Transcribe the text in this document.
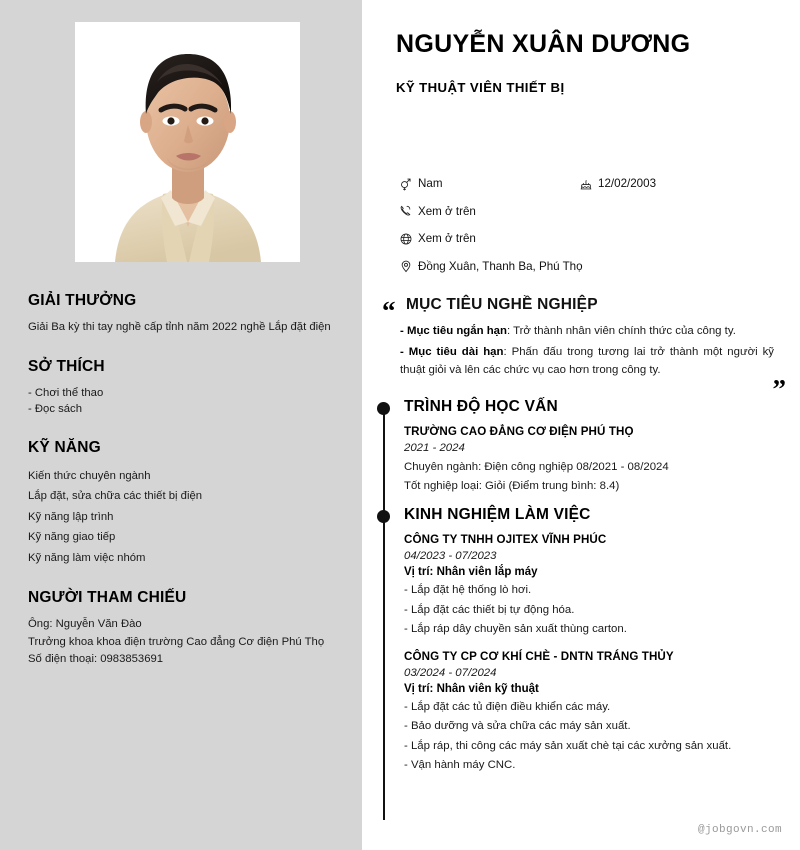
GIẢI THƯỞNG

Giải Ba kỳ thi tay nghề cấp tỉnh năm 2022 nghề Lắp đặt điện

SỞ THÍCH
- Chơi thể thao
- Đọc sách
KỸ NĂNG
Kiến thức chuyên ngành
Lắp đặt, sửa chữa các thiết bị điện
Kỹ năng lập trình
Kỹ năng giao tiếp
Kỹ năng làm việc nhóm
NGƯỜI THAM CHIẾU
Ông: Nguyễn Văn Đào
Trưởng khoa khoa điện trường Cao đẳng Cơ điện Phú Thọ
Số điện thoại: 0983853691
NGUYỄN XUÂN DƯƠNG
KỸ THUẬT VIÊN THIẾT BỊ
Nam	12/02/2003
Xem ở trên
Xem ở trên
Đồng Xuân, Thanh Ba, Phú Thọ
“
”
MỤC TIÊU NGHỀ NGHIỆP

- Mục tiêu ngắn hạn: Trở thành nhân viên chính thức của công ty.

- Mục tiêu dài hạn: Phấn đấu trong tương lai trở thành một người kỹ thuật giỏi và lên các chức vụ cao hơn trong công ty.

TRÌNH ĐỘ HỌC VẤN

TRƯỜNG CAO ĐẲNG CƠ ĐIỆN PHÚ THỌ

2021 - 2024

Chuyên ngành: Điện công nghiệp 08/2021 - 08/2024

Tốt nghiệp loại: Giỏi (Điểm trung bình: 8.4)

KINH NGHIỆM LÀM VIỆC

CÔNG TY TNHH OJITEX VĨNH PHÚC

04/2023 - 07/2023

Vị trí: Nhân viên lắp máy

- Lắp đặt hệ thống lò hơi.
- Lắp đặt các thiết bị tự động hóa.
- Lắp ráp dây chuyền sản xuất thùng carton.

CÔNG TY CP CƠ KHÍ CHÈ - DNTN TRÁNG THỦY

03/2024 - 07/2024

Vị trí: Nhân viên kỹ thuật

- Lắp đặt các tủ điện điều khiển các máy.
- Bảo dưỡng và sửa chữa các máy sản xuất.
- Lắp ráp, thi công các máy sản xuất chè tại các xưởng sản xuất.
- Vận hành máy CNC.
@jobgovn.com
